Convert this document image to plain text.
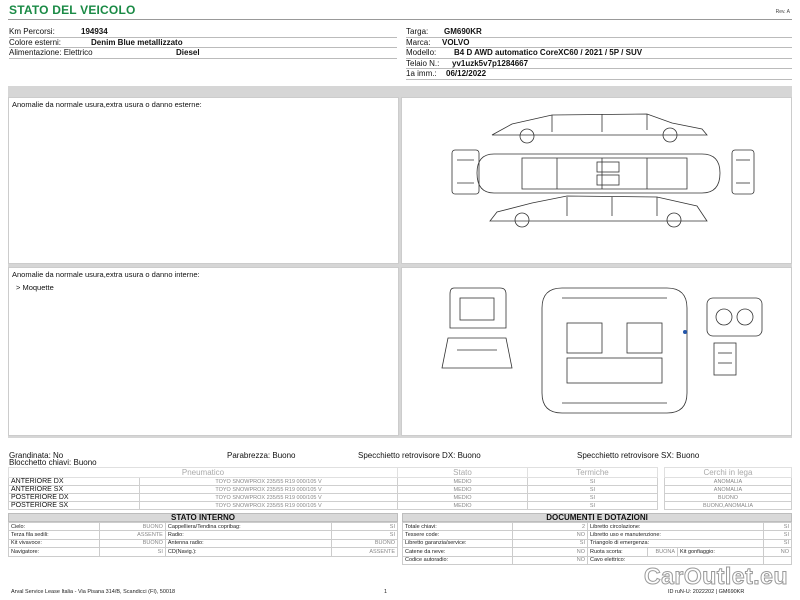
STATO DEL VEICOLO	Rev. A
Km Percorsi:	194934
Colore esterni:	Denim Blue metallizzato
Alimentazione: Elettrico	Diesel
Targa: GM690KR
Marca: VOLVO
Modello: B4 D AWD automatico CoreXC60 / 2021 / 5P / SUV
Telaio N.: yv1uzk5v7p1284667
1a imm.: 06/12/2022
Anomalie da normale usura,extra usura o danno esterne:
Anomalie da normale usura,extra usura o danno interne:
> Moquette
Grandinata: No	Parabrezza: Buono	Specchietto retrovisore DX: Buono	Specchietto retrovisore SX: Buono
Blocchetto chiavi: Buono
Pneumatico		Stato	Termiche		Cerchi in lega
ANTERIORE DX	TOYO SNOWPROX 235/55 R19 000/105 V	MEDIO	SI		ANOMALIA
ANTERIORE SX	TOYO SNOWPROX 235/55 R19 000/105 V	MEDIO	SI		ANOMALIA
POSTERIORE DX	TOYO SNOWPROX 235/55 R19 000/105 V	MEDIO	SI		BUONO
POSTERIORE SX	TOYO SNOWPROX 235/55 R19 000/105 V	MEDIO	SI		BUONO,ANOMALIA
STATO INTERNO
Cielo:	BUONO	Cappelliera/Tendina copribag:	SI
Terza fila sedili:	ASSENTE	Radio:	SI
Kit vivavoce:	BUONO	Antenna radio:	BUONO
Navigatore:	SI	CD(Navig.):	ASSENTE
DOCUMENTI E DOTAZIONI
Totale chiavi:	2	Libretto circolazione:			SI
Tessere code:	NO	Libretto uso e manutenzione:			SI
Libretto garanzia/service:	SI	Triangolo di emergenza:			SI
Catene da neve:	NO	Ruota scorta:	BUONA	Kit gonfiaggio:	NO
Codice autoradio:	NO	Cavo elettrico:			
Arval Service Lease Italia - Via Pisana 314/B, Scandicci (FI), 50018	1	ID ruN-U: 2022202 | GM690KR
CarOutlet.eu
